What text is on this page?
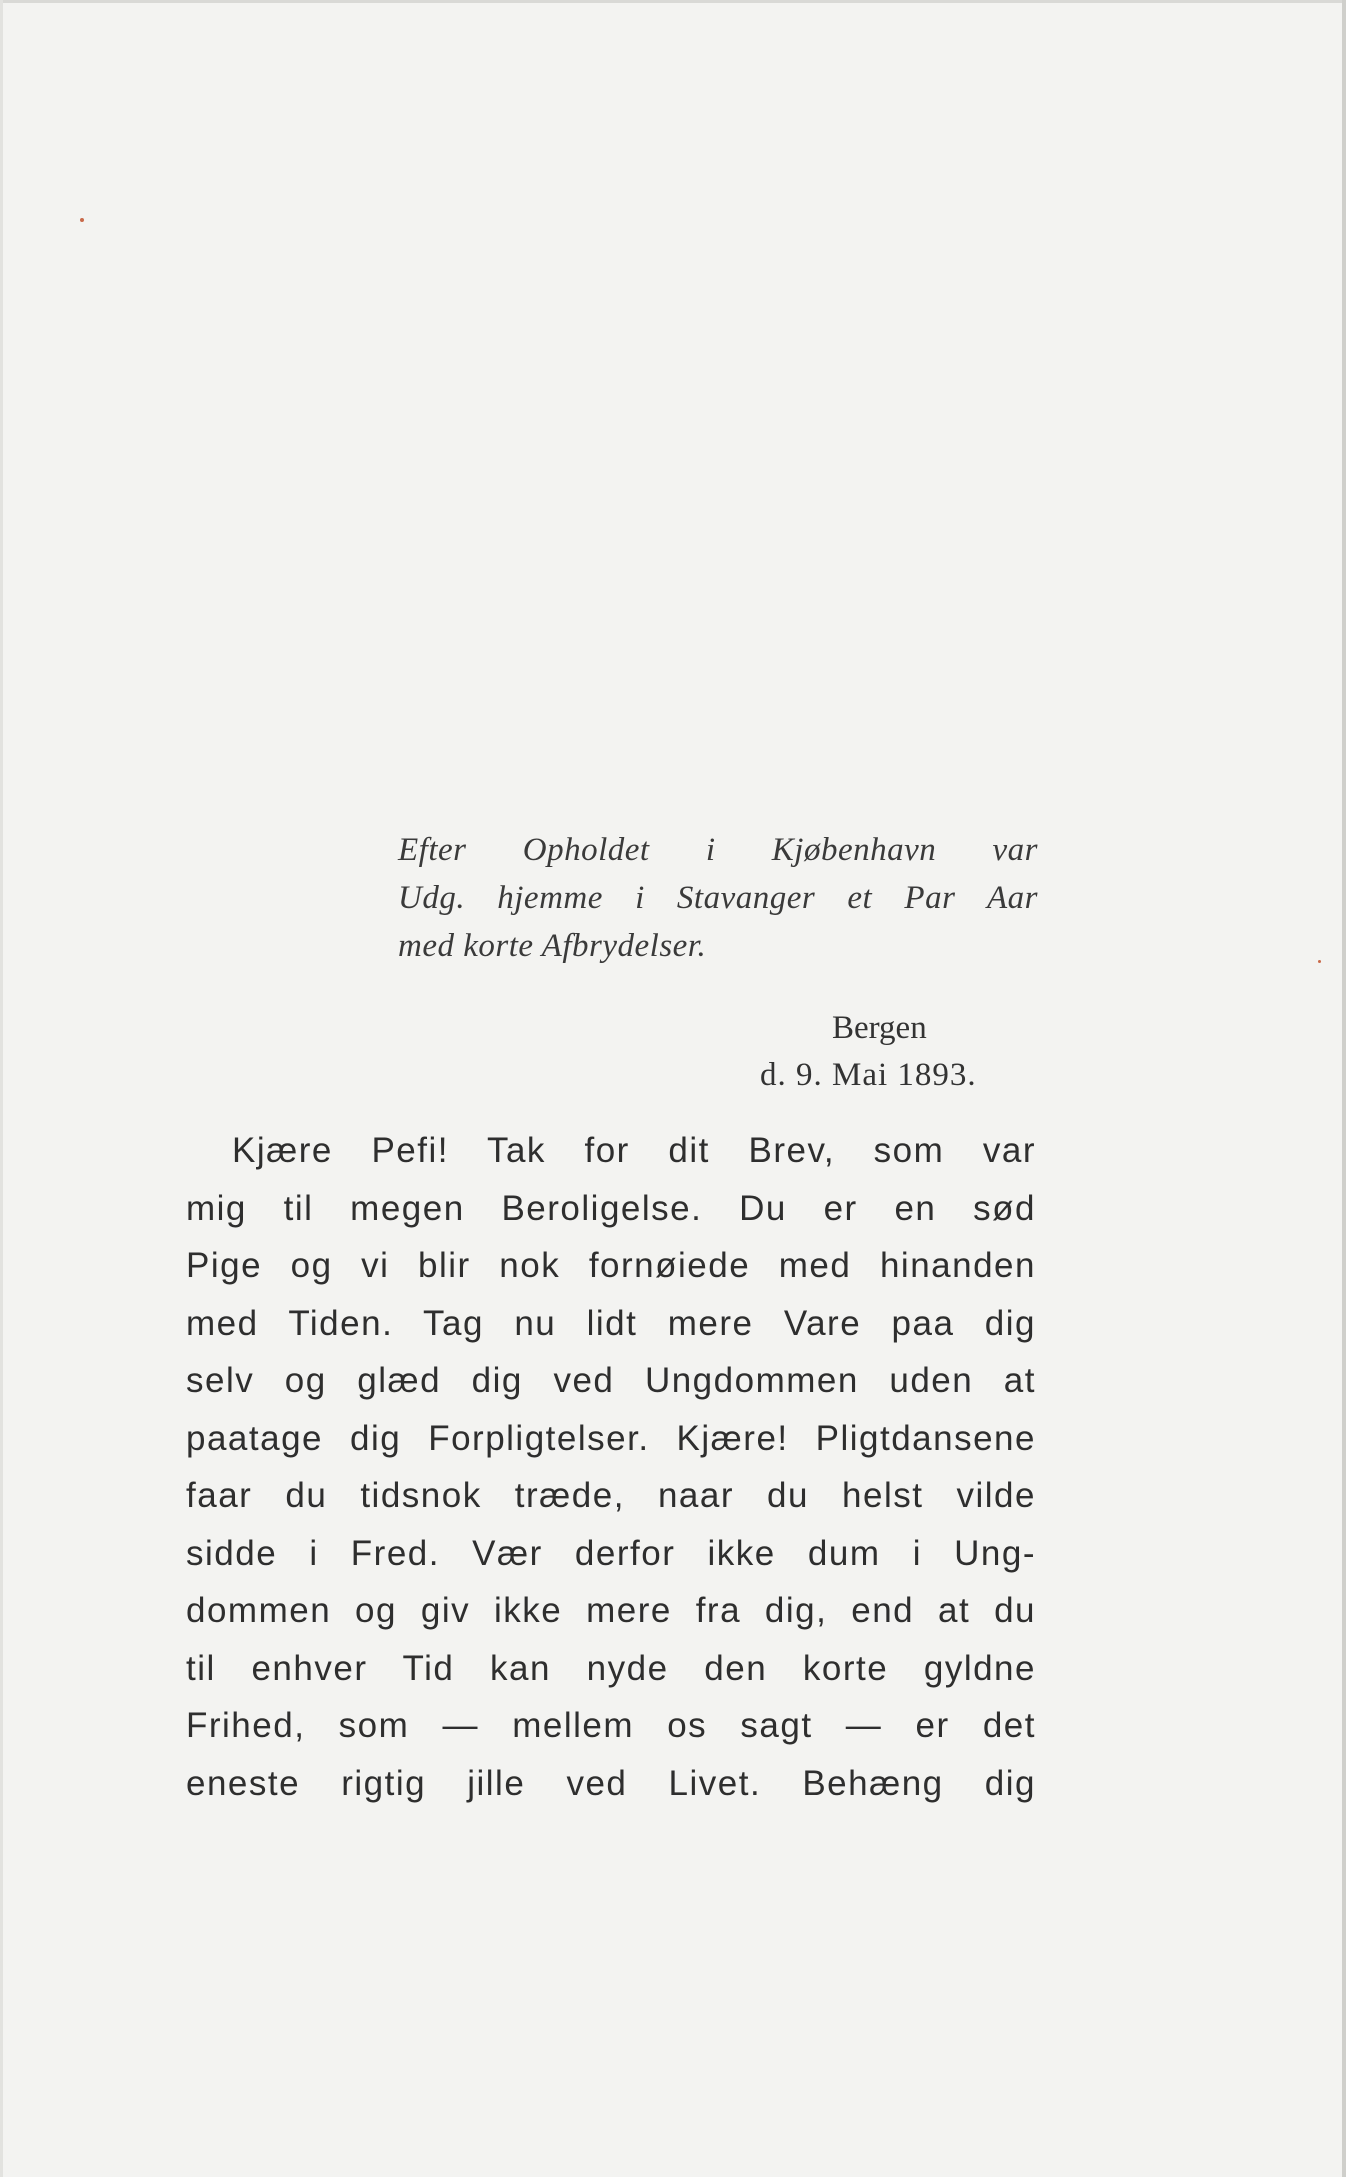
Efter Opholdet i Kjøbenhavn var
Udg. hjemme i Stavanger et Par Aar
med korte Afbrydelser.
Bergen
d. 9. Mai 1893.
Kjære Pefi! Tak for dit Brev, som var
mig til megen Beroligelse. Du er en sød
Pige og vi blir nok fornøiede med hinanden
med Tiden. Tag nu lidt mere Vare paa dig
selv og glæd dig ved Ungdommen uden at
paatage dig Forpligtelser. Kjære! Pligtdansene
faar du tidsnok træde, naar du helst vilde
sidde i Fred. Vær derfor ikke dum i Ung-
dommen og giv ikke mere fra dig, end at du
til enhver Tid kan nyde den korte gyldne
Frihed, som — mellem os sagt — er det
eneste rigtig jille ved Livet. Behæng dig
